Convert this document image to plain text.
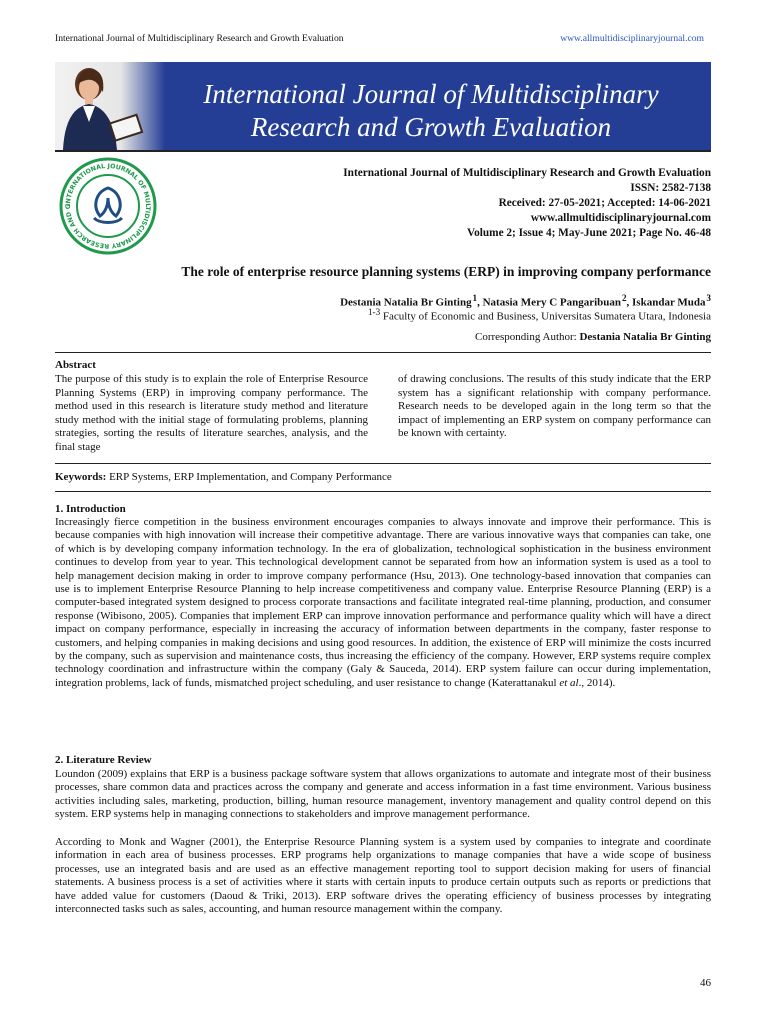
International Journal of Multidisciplinary Research and Growth Evaluation	www.allmultidisciplinaryjournal.com
International Journal of Multidisciplinary
Research and Growth Evaluation
INTERNATIONAL JOURNAL OF MULTIDISCIPLINARY RESEARCH AND G
International Journal of Multidisciplinary Research and Growth Evaluation
ISSN: 2582-7138
Received: 27-05-2021; Accepted: 14-06-2021
www.allmultidisciplinaryjournal.com
Volume 2; Issue 4; May-June 2021; Page No. 46-48
The role of enterprise resource planning systems (ERP) in improving company performance
Destania Natalia Br Ginting $^1$, Natasia Mery C Pangaribuan $^2$, Iskandar Muda $^3$
$^{1-3}$ Faculty of Economic and Business, Universitas Sumatera Utara, Indonesia
Corresponding Author: Destania Natalia Br Ginting
Abstract
The purpose of this study is to explain the role of Enterprise Resource Planning Systems (ERP) in improving company performance. The method used in this research is literature study method and literature study method with the initial stage of formulating problems, planning strategies, sorting the results of literature searches, analysis, and the final stage
of drawing conclusions. The results of this study indicate that the ERP system has a significant relationship with company performance. Research needs to be developed again in the long term so that the impact of implementing an ERP system on company performance can be known with certainty.
Keywords: ERP Systems, ERP Implementation, and Company Performance
1. Introduction
Increasingly fierce competition in the business environment encourages companies to always innovate and improve their performance. This is because companies with high innovation will increase their competitive advantage. There are various innovative ways that companies can take, one of which is by developing company information technology. In the era of globalization, technological sophistication in the business environment continues to develop from year to year. This technological development cannot be separated from how an information system is used as a tool to help management decision making in order to improve company performance (Hsu, 2013). One technology-based innovation that companies can use is to implement Enterprise Resource Planning to help increase competitiveness and company value. Enterprise Resource Planning (ERP) is a computer-based integrated system designed to process corporate transactions and facilitate integrated real-time planning, production, and consumer response (Wibisono, 2005). Companies that implement ERP can improve innovation performance and performance quality which will have a direct impact on company performance, especially in increasing the accuracy of information between departments in the company, faster response to customers, and helping companies in making decisions and using good resources. In addition, the existence of ERP will minimize the costs incurred by the company, such as supervision and maintenance costs, thus increasing the efficiency of the company. However, ERP systems require complex technology coordination and infrastructure within the company (Galy & Sauceda, 2014). ERP system failure can occur during implementation, integration problems, lack of funds, mismatched project scheduling, and user resistance to change (Katerattanakul et al., 2014).
2. Literature Review
Loundon (2009) explains that ERP is a business package software system that allows organizations to automate and integrate most of their business processes, share common data and practices across the company and generate and access information in a fast time environment. Various business activities including sales, marketing, production, billing, human resource management, inventory management and quality control depend on this system. ERP systems help in managing connections to stakeholders and improve management performance.
According to Monk and Wagner (2001), the Enterprise Resource Planning system is a system used by companies to integrate and coordinate information in each area of business processes. ERP programs help organizations to manage companies that have a wide scope of business processes, use an integrated basis and are used as an effective management reporting tool to support decision making for users of financial statements. A business process is a set of activities where it starts with certain inputs to produce certain outputs such as reports or predictions that have added value for customers (Daoud & Triki, 2013). ERP software drives the operating efficiency of business processes by integrating interconnected tasks such as sales, accounting, and human resource management within the company.
46
